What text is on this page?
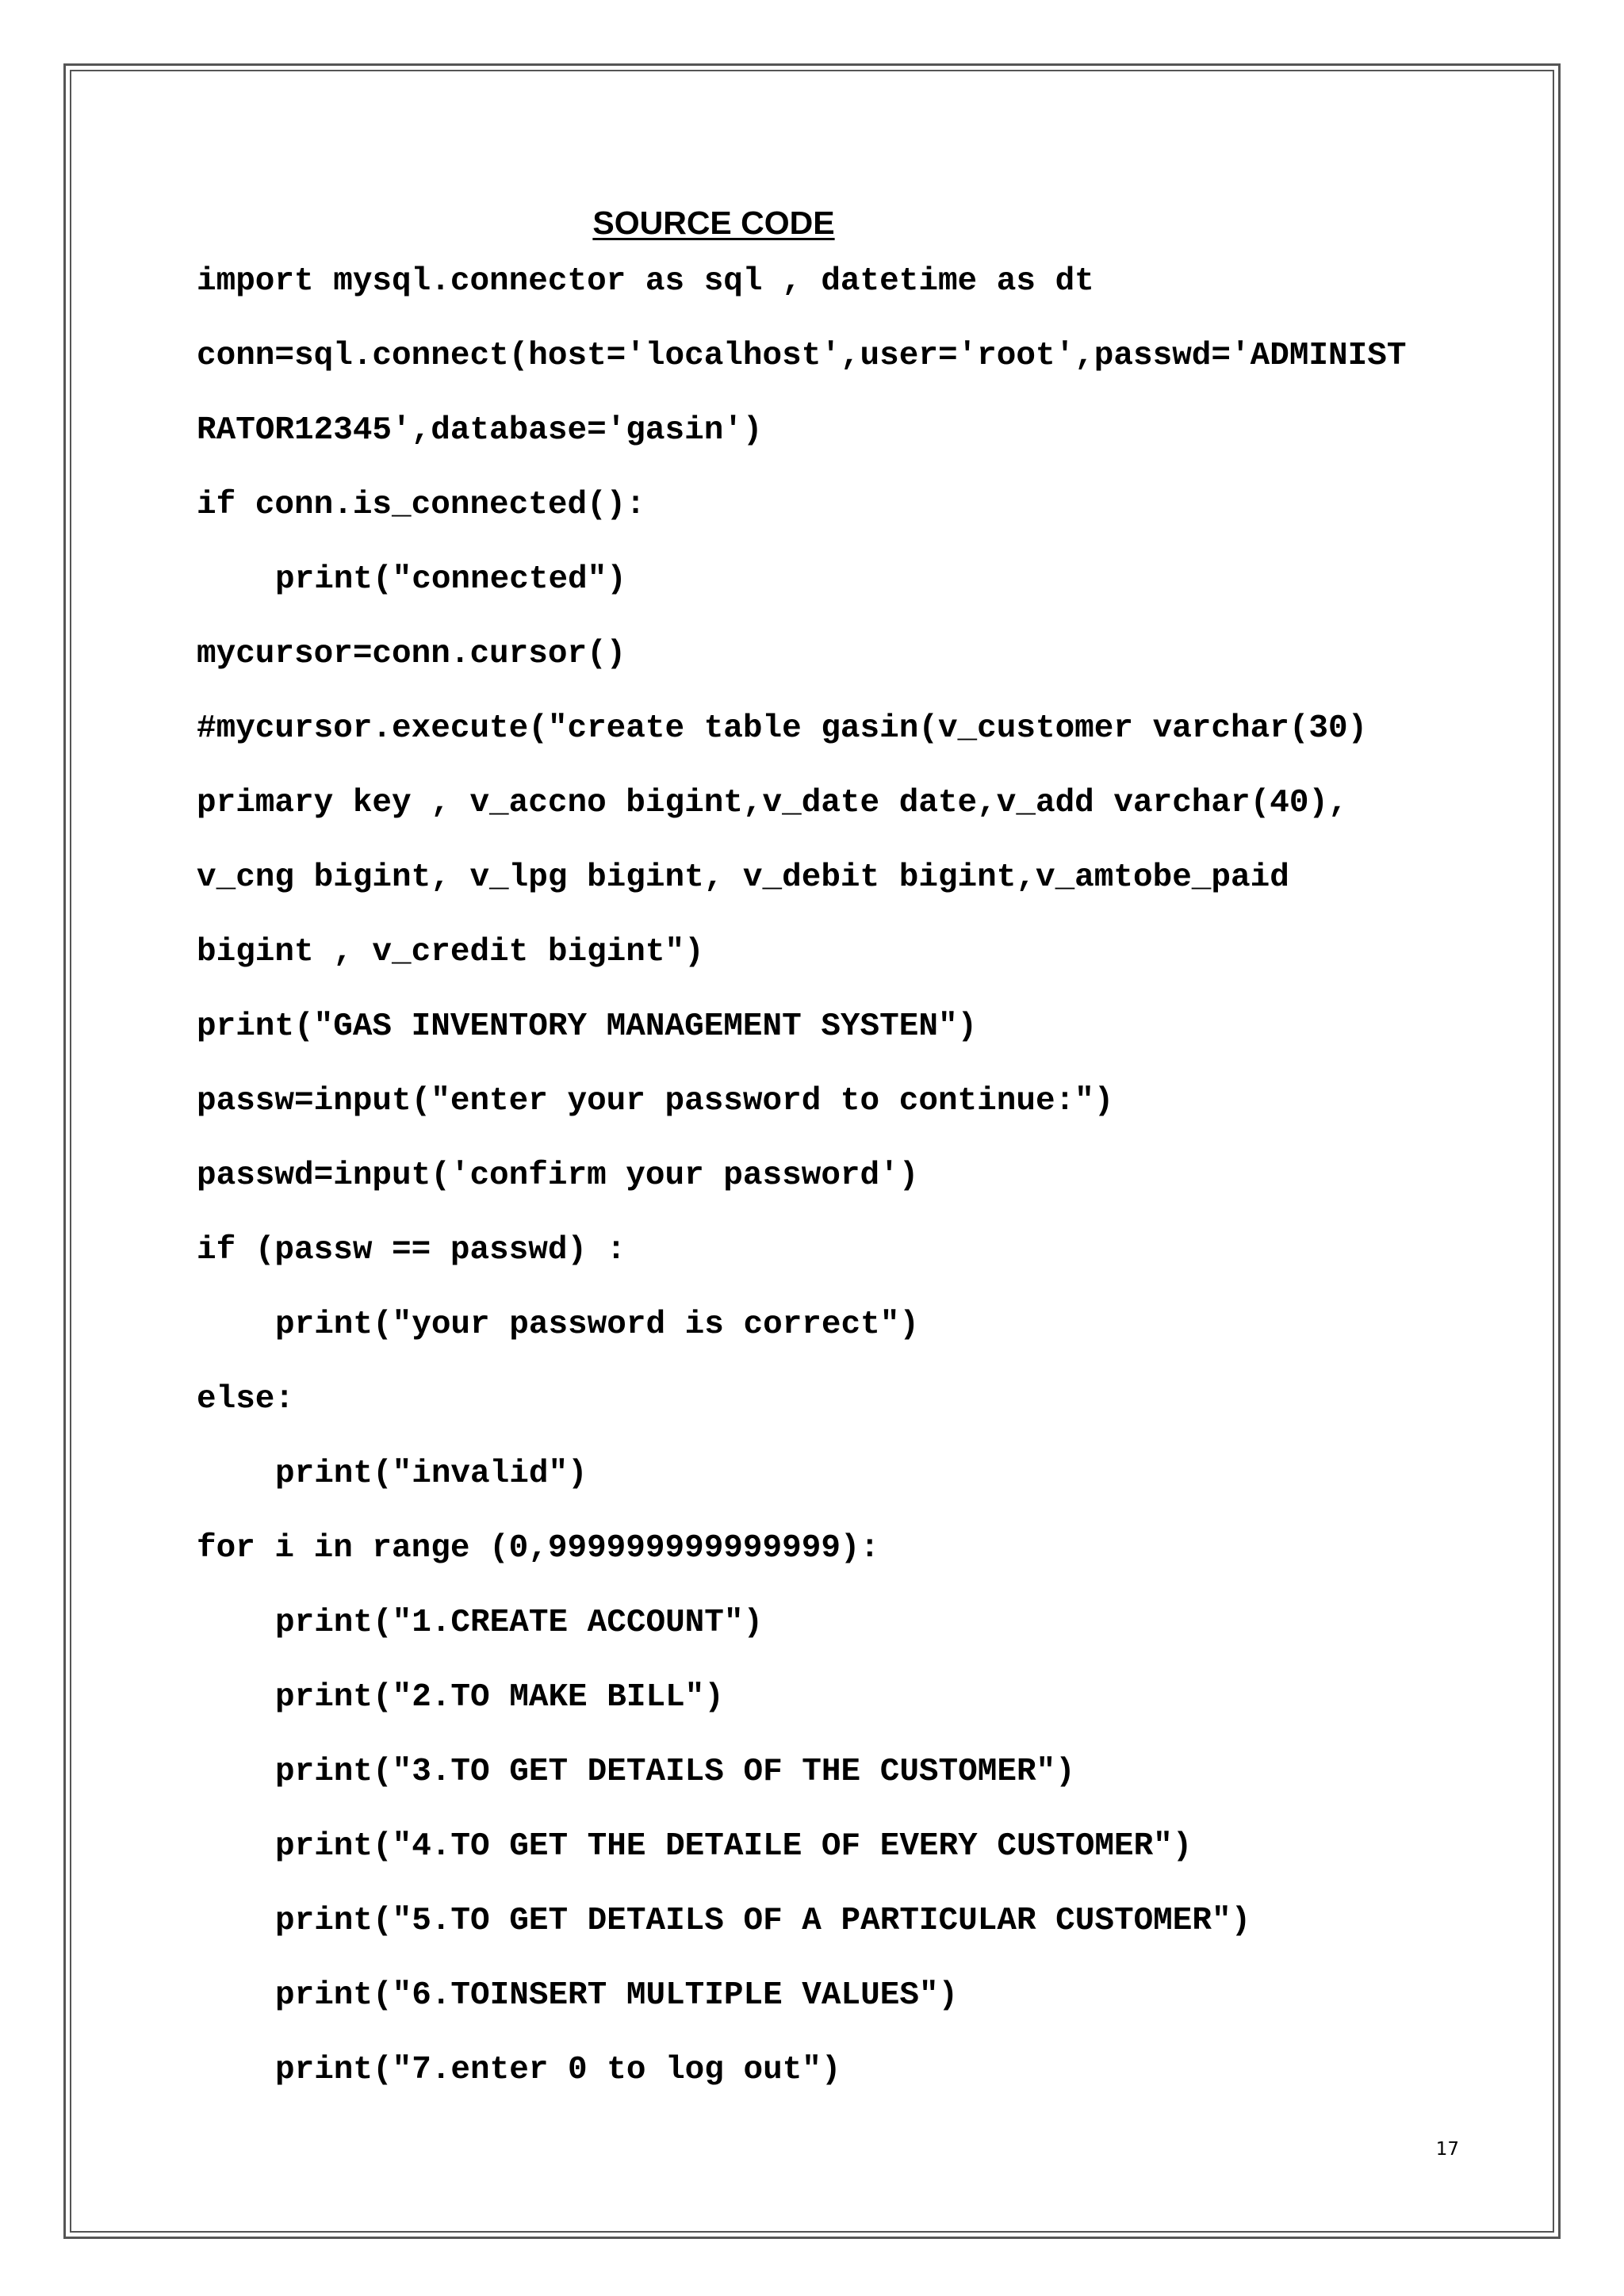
SOURCE CODE
import mysql.connector as sql , datetime as dt
conn=sql.connect(host='localhost',user='root',passwd='ADMINIST
RATOR12345',database='gasin')
if conn.is_connected():
print("connected")
mycursor=conn.cursor()
#mycursor.execute("create table gasin(v_customer varchar(30)
primary key , v_accno bigint,v_date date,v_add varchar(40),
v_cng bigint, v_lpg bigint, v_debit bigint,v_amtobe_paid
bigint , v_credit bigint")
print("GAS INVENTORY MANAGEMENT SYSTEN")
passw=input("enter your password to continue:")
passwd=input('confirm your password')
if (passw == passwd) :
print("your password is correct")
else:
print("invalid")
for i in range (0,999999999999999):
print("1.CREATE ACCOUNT")
print("2.TO MAKE BILL")
print("3.TO GET DETAILS OF THE CUSTOMER")
print("4.TO GET THE DETAILE OF EVERY CUSTOMER")
print("5.TO GET DETAILS OF A PARTICULAR CUSTOMER")
print("6.TOINSERT MULTIPLE VALUES")
print("7.enter 0 to log out")
17
